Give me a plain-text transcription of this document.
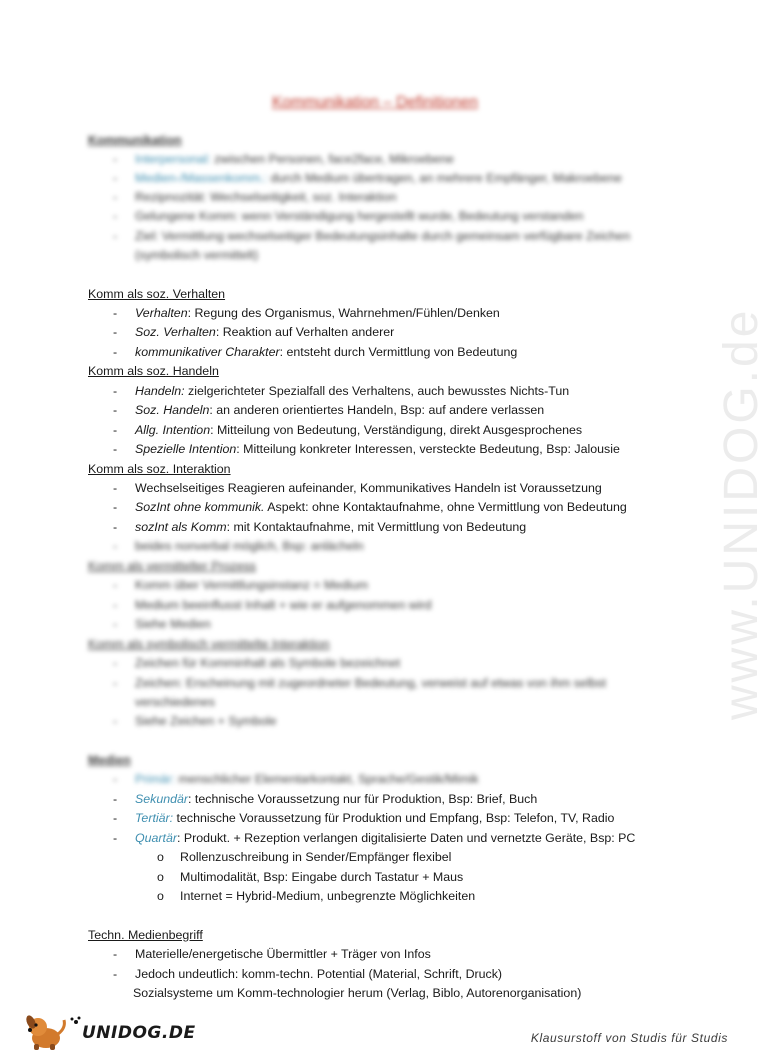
www.UNIDOG.de
Kommunikation – Definitionen
Kommunikation
-	Interpersonal: zwischen Personen, face2face, Mikroebene
-	Medien-/Massenkomm.: durch Medium übertragen, an mehrere Empfänger, Makroebene
-	Rezipnozität: Wechselseitigkeit, soz. Interaktion
-	Gelungene Komm: wenn Verständigung hergestellt wurde, Bedeutung verstanden
-	Ziel: Vermittlung wechselseitiger Bedeutungsinhalte durch gemeinsam verfügbare Zeichen
(symbolisch vermittelt)
Komm als soz. Verhalten
-	Verhalten: Regung des Organismus, Wahrnehmen/Fühlen/Denken
-	Soz. Verhalten: Reaktion auf Verhalten anderer
-	kommunikativer Charakter: entsteht durch Vermittlung von Bedeutung
Komm als soz. Handeln
-	Handeln: zielgerichteter Spezialfall des Verhaltens, auch bewusstes Nichts-Tun
-	Soz. Handeln: an anderen orientiertes Handeln, Bsp: auf andere verlassen
-	Allg. Intention: Mitteilung von Bedeutung, Verständigung, direkt Ausgesprochenes
-	Spezielle Intention: Mitteilung konkreter Interessen, versteckte Bedeutung, Bsp: Jalousie
Komm als soz. Interaktion
-	Wechselseitiges Reagieren aufeinander, Kommunikatives Handeln ist Voraussetzung
-	SozInt ohne kommunik. Aspekt: ohne Kontaktaufnahme, ohne Vermittlung von Bedeutung
-	sozInt als Komm: mit Kontaktaufnahme, mit Vermittlung von Bedeutung
-	beides nonverbal möglich, Bsp: anlächeln
Komm als vermittelter Prozess
-	Komm über Vermittlungsinstanz = Medium
-	Medium beeinflusst Inhalt + wie er aufgenommen wird
-	Siehe Medien
Komm als symbolisch vermittelte Interaktion
-	Zeichen für Komminhalt als Symbole bezeichnet
-	Zeichen: Erscheinung mit zugeordneter Bedeutung, verweist auf etwas von ihm selbst
verschiedenes
-	Siehe Zeichen + Symbole
Medien
-	Primär: menschlicher Elementarkontakt, Sprache/Gestik/Mimik
-	Sekundär: technische Voraussetzung nur für Produktion, Bsp: Brief, Buch
-	Tertiär: technische Voraussetzung für Produktion und Empfang, Bsp: Telefon, TV, Radio
-	Quartär: Produkt. + Rezeption verlangen digitalisierte Daten und vernetzte Geräte, Bsp: PC
o	Rollenzuschreibung in Sender/Empfänger flexibel
o	Multimodalität, Bsp: Eingabe durch Tastatur + Maus
o	Internet = Hybrid-Medium, unbegrenzte Möglichkeiten
Techn. Medienbegriff
-	Materielle/energetische Übermittler + Träger von Infos
-	Jedoch undeutlich: komm-techn. Potential (Material, Schrift, Druck)
Sozialsysteme um Komm-technologier herum (Verlag, Biblo, Autorenorganisation)
UNIDOG.DE	Klausurstoff von Studis für Studis
